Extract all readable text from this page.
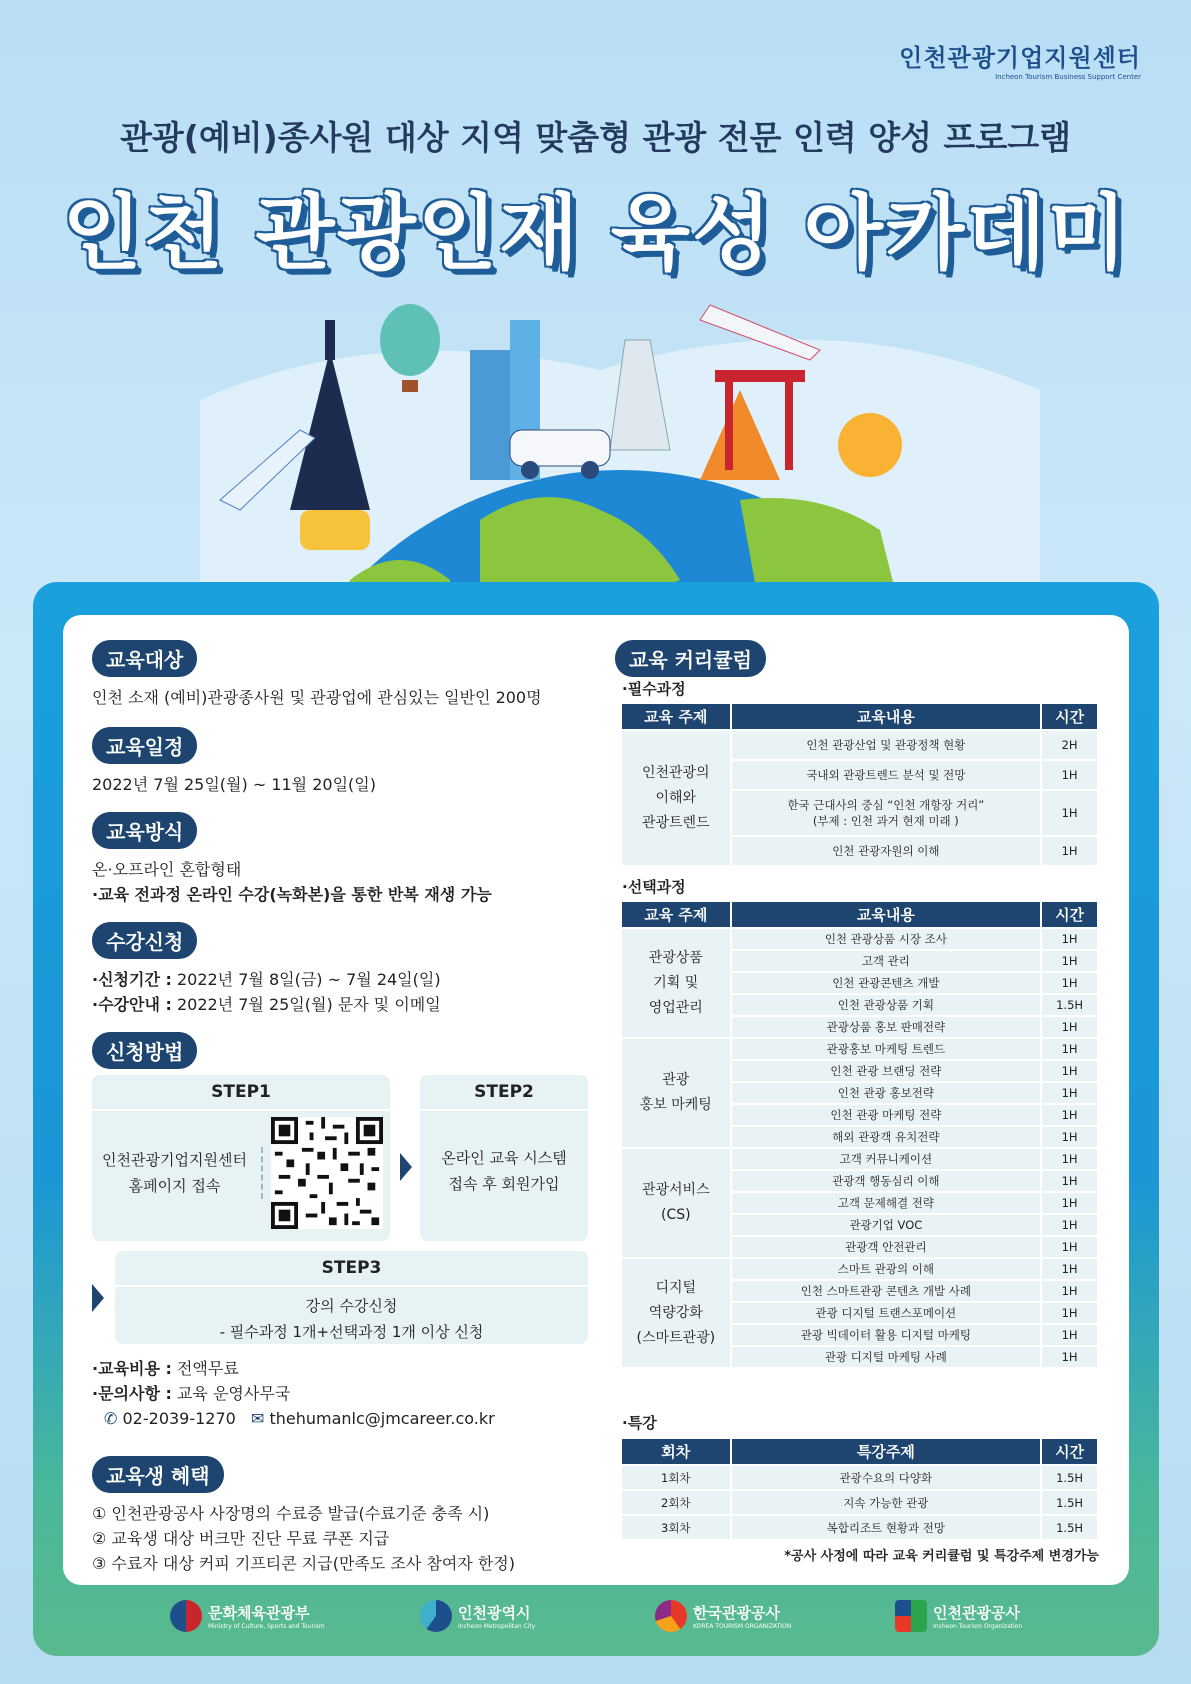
인천관광기업지원센터
Incheon Tourism Business Support Center
관광(예비)종사원 대상 지역 맞춤형 관광 전문 인력 양성 프로그램
인천 관광인재 육성 아카데미
교육대상
인천 소재 (예비)관광종사원 및 관광업에 관심있는 일반인 200명
교육일정
2022년 7월 25일(월) ~ 11월 20일(일)
교육방식
온·오프라인 혼합형태
·교육 전과정 온라인 수강(녹화본)을 통한 반복 재생 가능
수강신청
·신청기간 : 2022년 7월 8일(금) ~ 7월 24일(일)
·수강안내 : 2022년 7월 25일(월) 문자 및 이메일
신청방법
STEP1
인천관광기업지원센터
홈페이지 접속
STEP2
온라인 교육 시스템
접속 후 회원가입
STEP3
강의 수강신청
- 필수과정 1개+선택과정 1개 이상 신청
·교육비용 : 전액무료
·문의사항 : 교육 운영사무국
✆ 02-2039-1270 ✉ thehumanlc@jmcareer.co.kr
교육생 혜택
① 인천관광공사 사장명의 수료증 발급(수료기준 충족 시)
② 교육생 대상 버크만 진단 무료 쿠폰 지급
③ 수료자 대상 커피 기프티콘 지급(만족도 조사 참여자 한정)
교육 커리큘럼
·필수과정
교육 주제	교육내용	시간

인천관광의
이해와
관광트렌드	인천 관광산업 및 관광정책 현황	2H
	국내외 관광트렌드 분석 및 전망	1H

	한국 근대사의 중심 “인천 개항장 거리”
(부제 : 인천 과거 현재 미래 )	1H
	인천 관광자원의 이해	1H
·선택과정
교육 주제	교육내용	시간

관광상품
기획 및
영업관리	인천 관광상품 시장 조사	1H
	고객 관리	1H
	인천 관광콘텐츠 개발	1H
	인천 관광상품 기획	1.5H
	관광상품 홍보 판매전략	1H

관광
홍보 마케팅	관광홍보 마케팅 트렌드	1H
	인천 관광 브랜딩 전략	1H
	인천 관광 홍보전략	1H
	인천 관광 마케팅 전략	1H
	해외 관광객 유치전략	1H

관광서비스
(CS)	고객 커뮤니케이션	1H
	관광객 행동심리 이해	1H
	고객 문제해결 전략	1H
	관광기업 VOC	1H
	관광객 안전관리	1H

디지털
역량강화
(스마트관광)	스마트 관광의 이해	1H
	인천 스마트관광 콘텐츠 개발 사례	1H
	관광 디지털 트랜스포메이션	1H
	관광 빅데이터 활용 디지털 마케팅	1H
	관광 디지털 마케팅 사례	1H
·특강
회차	특강주제	시간
1회차	관광수요의 다양화	1.5H
2회차	지속 가능한 관광	1.5H
3회차	복합리조트 현황과 전망	1.5H
*공사 사정에 따라 교육 커리큘럼 및 특강주제 변경가능
문화체육관광부
Ministry of Culture, Sports and Tourism
인천광역시
Incheon Metropolitan City
한국관광공사
KOREA TOURISM ORGANIZATION
인천관광공사
Incheon Tourism Organization
